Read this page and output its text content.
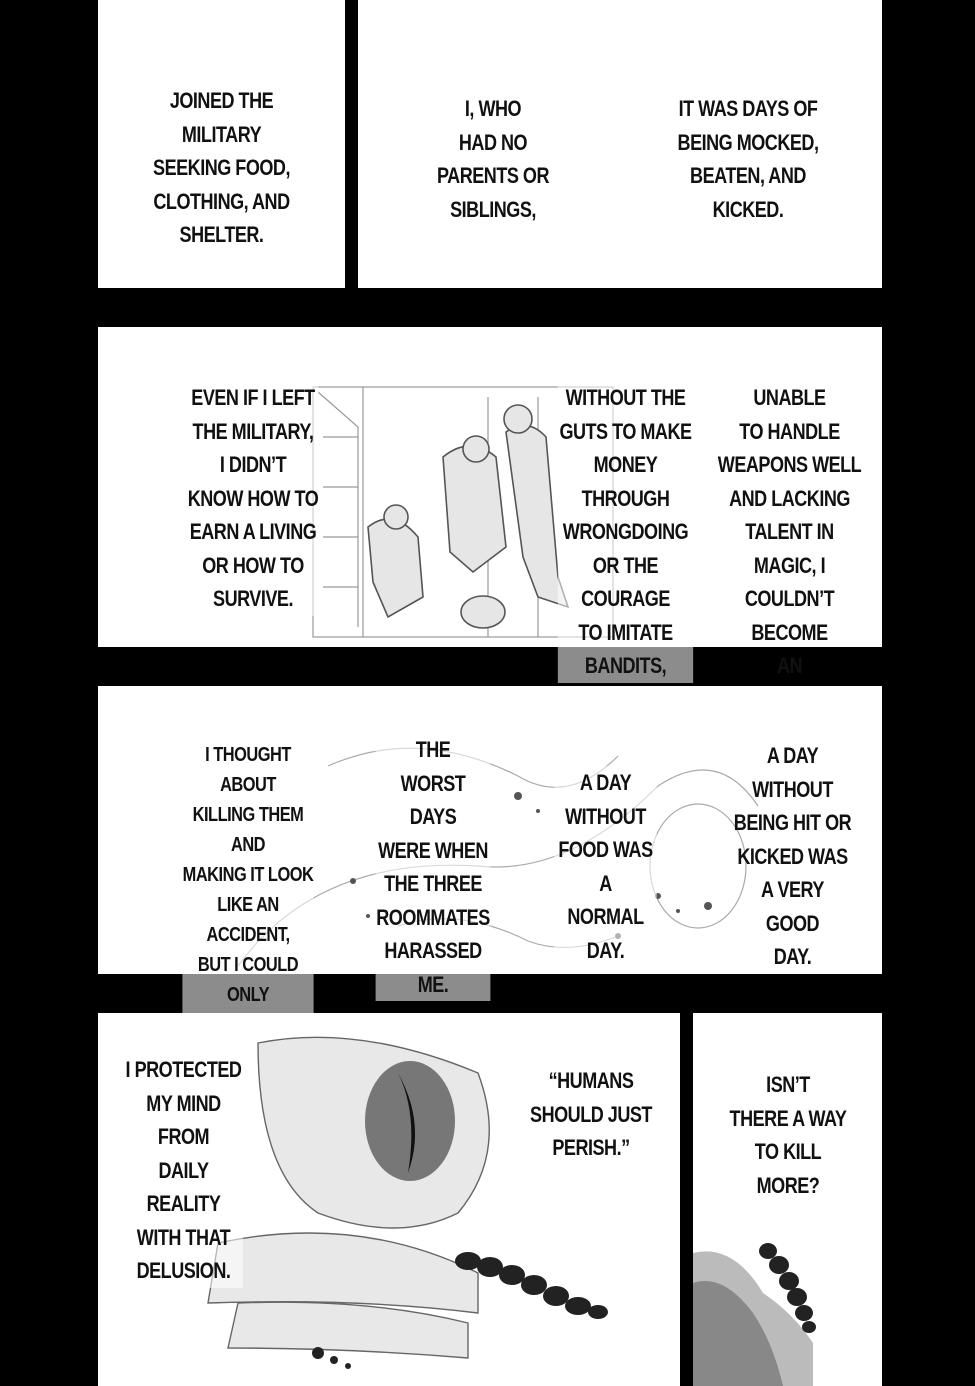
JOINED THE
MILITARY
SEEKING FOOD,
CLOTHING, AND
SHELTER.
I, WHO
HAD NO
PARENTS OR
SIBLINGS,
IT WAS DAYS OF
BEING MOCKED,
BEATEN, AND
KICKED.
EVEN IF I LEFT
THE MILITARY,
I DIDN’T
KNOW HOW TO
EARN A LIVING
OR HOW TO
SURVIVE.
WITHOUT THE
GUTS TO MAKE
MONEY THROUGH
WRONGDOING
OR THE COURAGE
TO IMITATE
BANDITS,
UNABLE
TO HANDLE
WEAPONS WELL
AND LACKING
TALENT IN MAGIC, I
COULDN’T BECOME
AN
I THOUGHT ABOUT
KILLING THEM AND
MAKING IT LOOK
LIKE AN ACCIDENT,
BUT I COULD ONLY

THE
WORST DAYS
WERE WHEN
THE THREE
ROOMMATES
HARASSED ME.
A DAY
WITHOUT
FOOD WAS A
NORMAL
DAY.
A DAY
WITHOUT
BEING HIT OR
KICKED WAS
A VERY GOOD
DAY.
I PROTECTED
MY MIND FROM
DAILY REALITY
WITH THAT
DELUSION.
“HUMANS
SHOULD JUST
PERISH.”
ISN’T
THERE A WAY
TO KILL
MORE?
